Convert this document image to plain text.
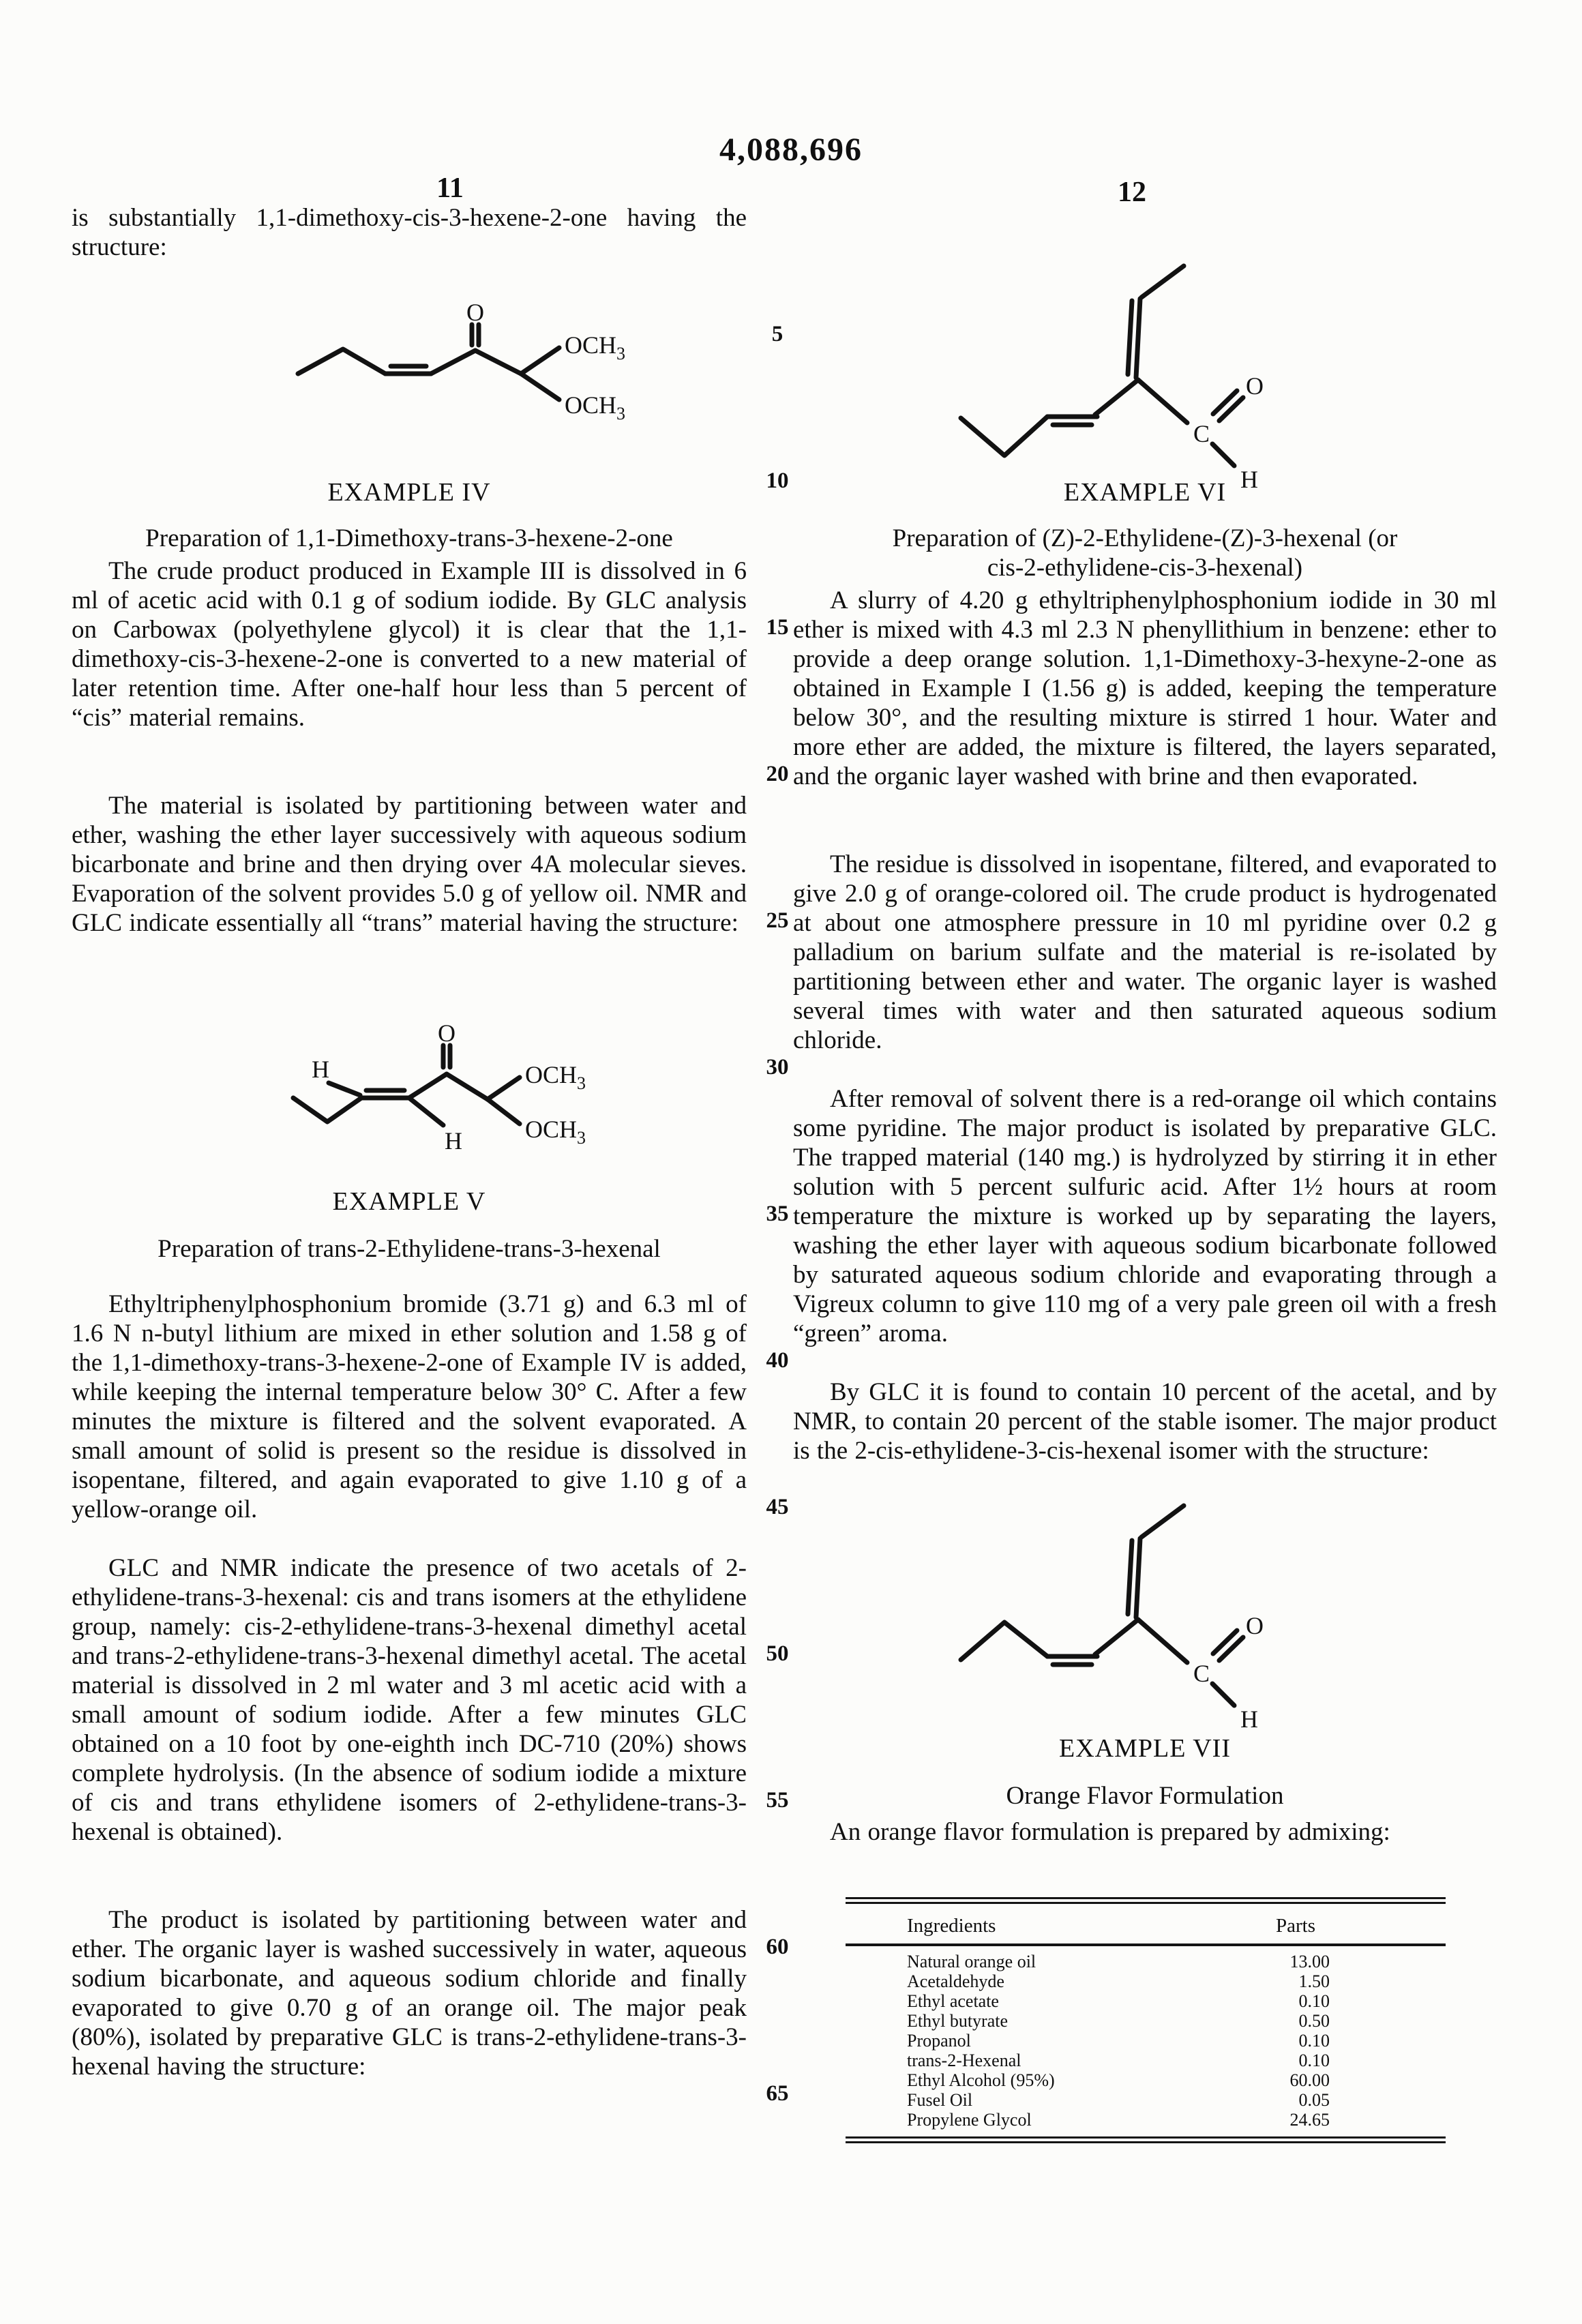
4,088,696
11	12
5
10
15
20
25
30
35
40
45
50
55
60
65

is substantially 1,1-dimethoxy-cis-3-hexene-2-one having the structure:

EXAMPLE IV
Preparation of 1,1-Dimethoxy-trans-3-hexene-2-one

The crude product produced in Example III is dissolved in 6 ml of acetic acid with 0.1 g of sodium iodide. By GLC analysis on Carbowax (polyethylene glycol) it is clear that the 1,1-dimethoxy-cis-3-hexene-2-one is converted to a new material of later retention time. After one-half hour less than 5 percent of “cis” material remains.

The material is isolated by partitioning between water and ether, washing the ether layer successively with aqueous sodium bicarbonate and brine and then drying over 4A molecular sieves. Evaporation of the solvent provides 5.0 g of yellow oil. NMR and GLC indicate essentially all “trans” material having the structure:

EXAMPLE V
Preparation of trans-2-Ethylidene-trans-3-hexenal

Ethyltriphenylphosphonium bromide (3.71 g) and 6.3 ml of 1.6 N n-butyl lithium are mixed in ether solution and 1.58 g of the 1,1-dimethoxy-trans-3-hexene-2-one of Example IV is added, while keeping the internal temperature below 30° C. After a few minutes the mixture is filtered and the solvent evaporated. A small amount of solid is present so the residue is dissolved in isopentane, filtered, and again evaporated to give 1.10 g of a yellow-orange oil.

GLC and NMR indicate the presence of two acetals of 2-ethylidene-trans-3-hexenal: cis and trans isomers at the ethylidene group, namely: cis-2-ethylidene-trans-3-hexenal dimethyl acetal and trans-2-ethylidene-trans-3-hexenal dimethyl acetal. The acetal material is dissolved in 2 ml water and 3 ml acetic acid with a small amount of sodium iodide. After a few minutes GLC obtained on a 10 foot by one-eighth inch DC-710 (20%) shows complete hydrolysis. (In the absence of sodium iodide a mixture of cis and trans ethylidene isomers of 2-ethylidene-trans-3-hexenal is obtained).

The product is isolated by partitioning between water and ether. The organic layer is washed successively in water, aqueous sodium bicarbonate, and aqueous sodium chloride and finally evaporated to give 0.70 g of an orange oil. The major peak (80%), isolated by preparative GLC is trans-2-ethylidene-trans-3-hexenal having the structure:

EXAMPLE VI
Preparation of (Z)-2-Ethylidene-(Z)-3-hexenal (or
cis-2-ethylidene-cis-3-hexenal)

A slurry of 4.20 g ethyltriphenylphosphonium iodide in 30 ml ether is mixed with 4.3 ml 2.3 N phenyllithium in benzene: ether to provide a deep orange solution. 1,1-Dimethoxy-3-hexyne-2-one as obtained in Example I (1.56 g) is added, keeping the temperature below 30°, and the resulting mixture is stirred 1 hour. Water and more ether are added, the mixture is filtered, the layers separated, and the organic layer washed with brine and then evaporated.

The residue is dissolved in isopentane, filtered, and evaporated to give 2.0 g of orange-colored oil. The crude product is hydrogenated at about one atmosphere pressure in 10 ml pyridine over 0.2 g palladium on barium sulfate and the material is re-isolated by partitioning between ether and water. The organic layer is washed several times with water and then saturated aqueous sodium chloride.

After removal of solvent there is a red-orange oil which contains some pyridine. The major product is isolated by preparative GLC. The trapped material (140 mg.) is hydrolyzed by stirring it in ether solution with 5 percent sulfuric acid. After 1½ hours at room temperature the mixture is worked up by separating the layers, washing the ether layer with aqueous sodium bicarbonate followed by saturated aqueous sodium chloride and evaporating through a Vigreux column to give 110 mg of a very pale green oil with a fresh “green” aroma.

By GLC it is found to contain 10 percent of the acetal, and by NMR, to contain 20 percent of the stable isomer. The major product is the 2-cis-ethylidene-3-cis-hexenal isomer with the structure:

EXAMPLE VII
Orange Flavor Formulation

An orange flavor formulation is prepared by admixing:

Ingredients	Parts
Natural orange oil	13.00
Acetaldehyde	1.50
Ethyl acetate	0.10
Ethyl butyrate	0.50
Propanol	0.10
trans-2-Hexenal	0.10
Ethyl Alcohol (95%)	60.00
Fusel Oil	0.05
Propylene Glycol	24.65
O
$OCH_3$
$OCH_3$
H
H
O
$OCH_3$
$OCH_3$
C
O
H
C
O
H
